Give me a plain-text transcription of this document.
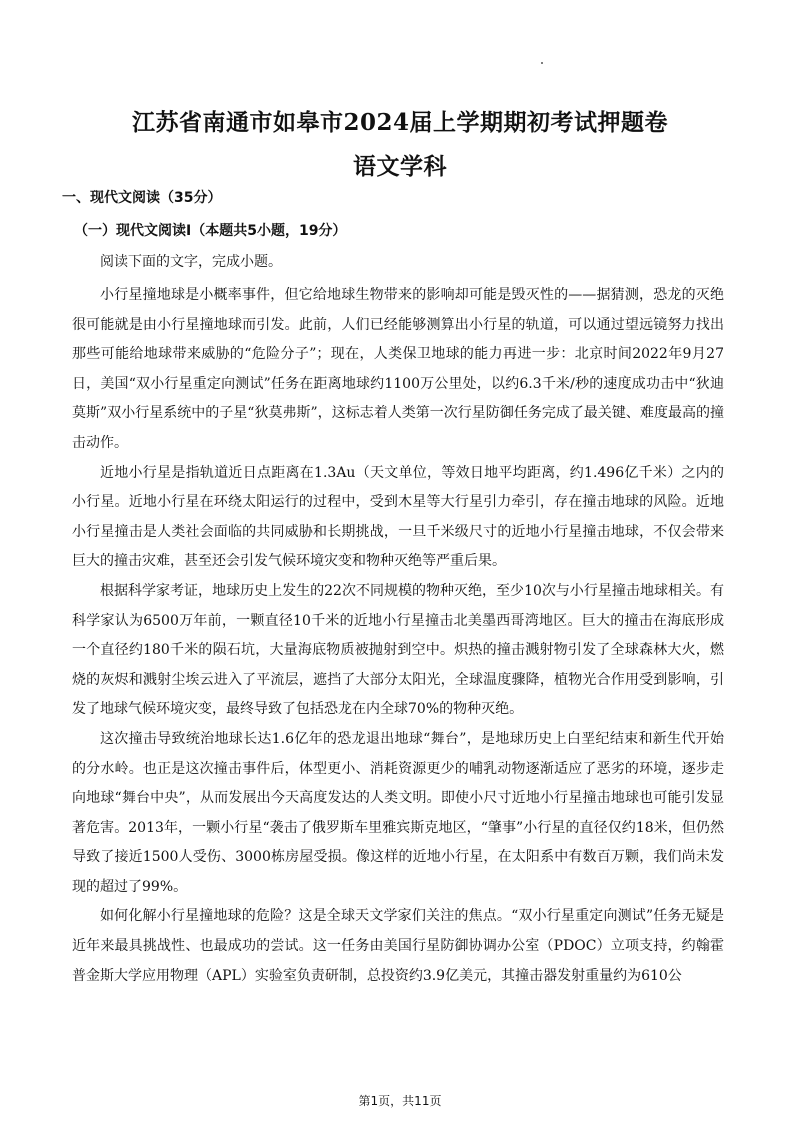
江苏省南通市如皋市2024届上学期期初考试押题卷
语文学科
一、现代文阅读（35分）
（一）现代文阅读Ⅰ（本题共5小题，19分）
阅读下面的文字，完成小题。

小行星撞地球是小概率事件，但它给地球生物带来的影响却可能是毁灭性的——据猜测，恐龙的灭绝很可能就是由小行星撞地球而引发。此前，人们已经能够测算出小行星的轨道，可以通过望远镜努力找出那些可能给地球带来威胁的“危险分子”；现在，人类保卫地球的能力再进一步：北京时间2022年9月27日，美国“双小行星重定向测试”任务在距离地球约1100万公里处，以约6.3千米/秒的速度成功击中“狄迪莫斯”双小行星系统中的子星“狄莫弗斯”，这标志着人类第一次行星防御任务完成了最关键、难度最高的撞击动作。

近地小行星是指轨道近日点距离在1.3Au（天文单位，等效日地平均距离，约1.496亿千米）之内的小行星。近地小行星在环绕太阳运行的过程中，受到木星等大行星引力牵引，存在撞击地球的风险。近地小行星撞击是人类社会面临的共同威胁和长期挑战，一旦千米级尺寸的近地小行星撞击地球，不仅会带来巨大的撞击灾难，甚至还会引发气候环境灾变和物种灭绝等严重后果。

根据科学家考证，地球历史上发生的22次不同规模的物种灭绝，至少10次与小行星撞击地球相关。有科学家认为6500万年前，一颗直径10千米的近地小行星撞击北美墨西哥湾地区。巨大的撞击在海底形成一个直径约180千米的陨石坑，大量海底物质被抛射到空中。炽热的撞击溅射物引发了全球森林大火，燃烧的灰烬和溅射尘埃云进入了平流层，遮挡了大部分太阳光，全球温度骤降，植物光合作用受到影响，引发了地球气候环境灾变，最终导致了包括恐龙在内全球70%的物种灭绝。

这次撞击导致统治地球长达1.6亿年的恐龙退出地球“舞台”，是地球历史上白垩纪结束和新生代开始的分水岭。也正是这次撞击事件后，体型更小、消耗资源更少的哺乳动物逐渐适应了恶劣的环境，逐步走向地球“舞台中央”，从而发展出今天高度发达的人类文明。即使小尺寸近地小行星撞击地球也可能引发显著危害。2013年，一颗小行星“袭击了俄罗斯车里雅宾斯克地区，“肇事”小行星的直径仅约18米，但仍然导致了接近1500人受伤、3000栋房屋受损。像这样的近地小行星，在太阳系中有数百万颗，我们尚未发现的超过了99%。

如何化解小行星撞地球的危险？这是全球天文学家们关注的焦点。“双小行星重定向测试”任务无疑是近年来最具挑战性、也最成功的尝试。这一任务由美国行星防御协调办公室（PDOC）立项支持，约翰霍普金斯大学应用物理（APL）实验室负责研制，总投资约3.9亿美元，其撞击器发射重量约为610公

第1页，共11页
